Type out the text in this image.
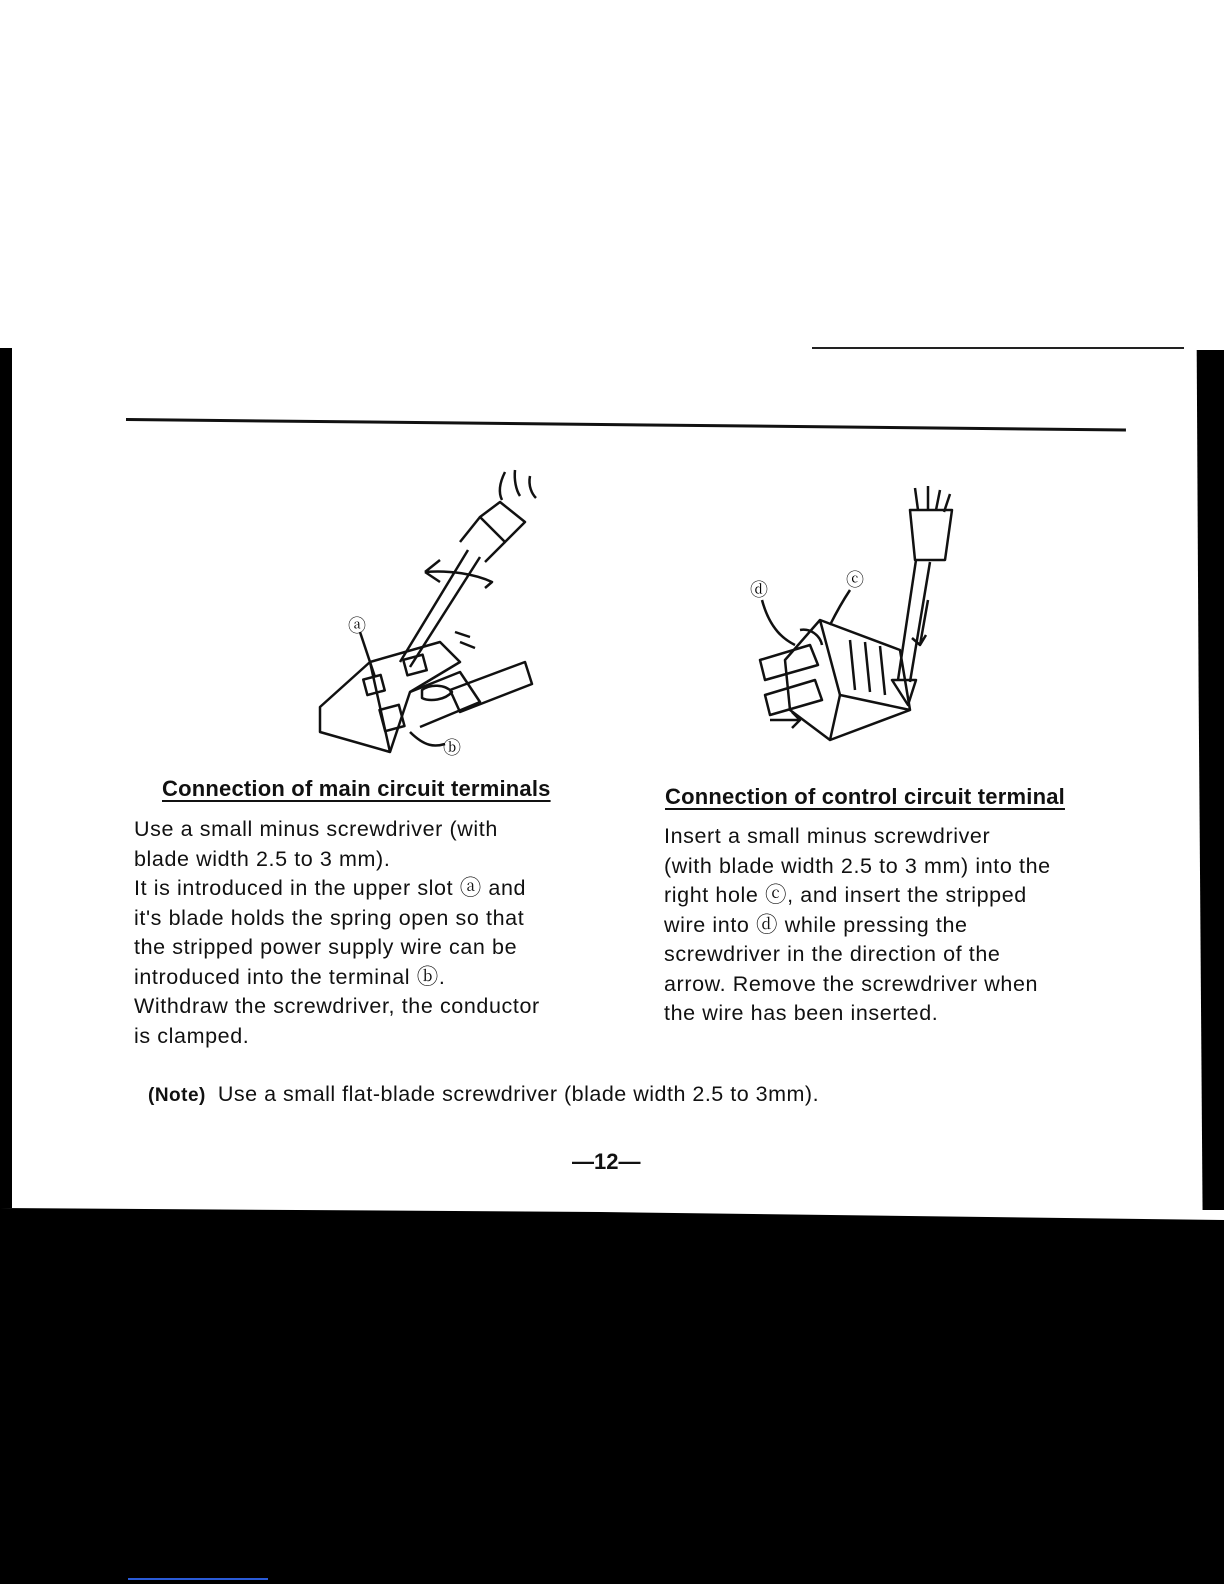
ⓐ
ⓑ
ⓓ	ⓒ
Connection of main circuit terminals
Use a small minus screwdriver (with
blade width 2.5 to 3 mm).
It is introduced in the upper slot ⓐ and
it's blade holds the spring open so that
the stripped power supply wire can be
introduced into the terminal ⓑ.
Withdraw the screwdriver, the conductor
is clamped.
Connection of control circuit terminal
Insert a small minus screwdriver
(with blade width 2.5 to 3 mm) into the
right hole ⓒ, and insert the stripped
wire into ⓓ while pressing the
screwdriver in the direction of the
arrow. Remove the screwdriver when
the wire has been inserted.
(Note) Use a small flat-blade screwdriver (blade width 2.5 to 3mm).
—12—
